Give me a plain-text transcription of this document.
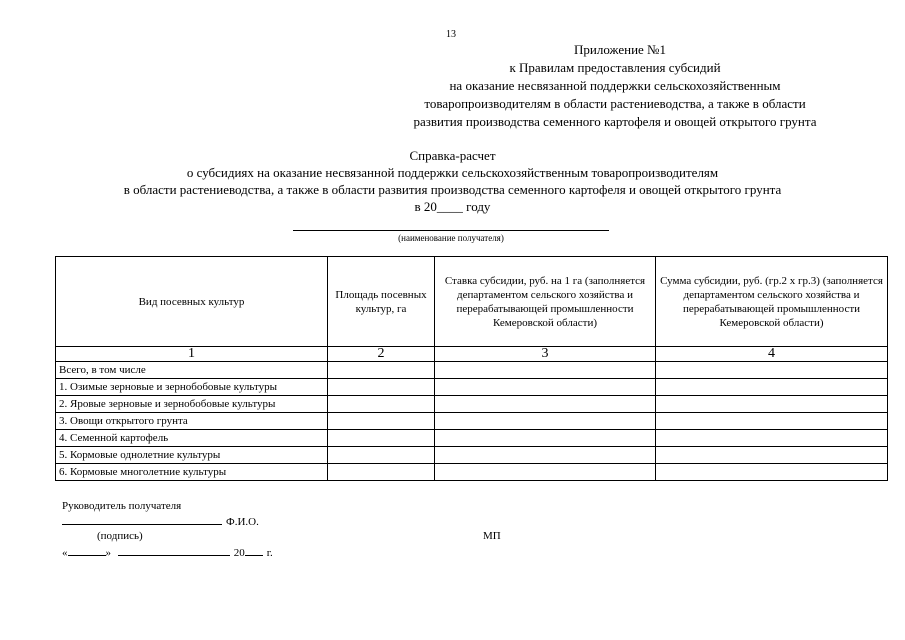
13
Приложение №1
к Правилам предоставления субсидий
на оказание несвязанной поддержки сельскохозяйственным
товаропроизводителям в области растениеводства, а также в области
развития производства семенного картофеля и овощей открытого грунта
Справка-расчет
о субсидиях на оказание несвязанной поддержки сельскохозяйственным товаропроизводителям
в области растениеводства, а также в области развития производства семенного картофеля и овощей открытого грунта
в 20____ году
(наименование получателя)
Вид посевных культур	Площадь посевных культур, га	Ставка субсидии, руб. на 1 га (заполняется департаментом сельского хозяйства и перерабатывающей промышленности Кемеровской области)	Сумма субсидии, руб. (гр.2 х гр.3) (заполняется департаментом сельского хозяйства и перерабатывающей промышленности Кемеровской области)
1	2	3	4
Всего, в том числе			
1. Озимые зерновые и зернобобовые культуры			
2. Яровые зерновые и зернобобовые культуры			
3. Овощи открытого грунта			
4. Семенной картофель			
5. Кормовые однолетние культуры			
6. Кормовые многолетние культуры			
Руководитель получателя
Ф.И.О.
(подпись)	МП
«	»	20 г.
